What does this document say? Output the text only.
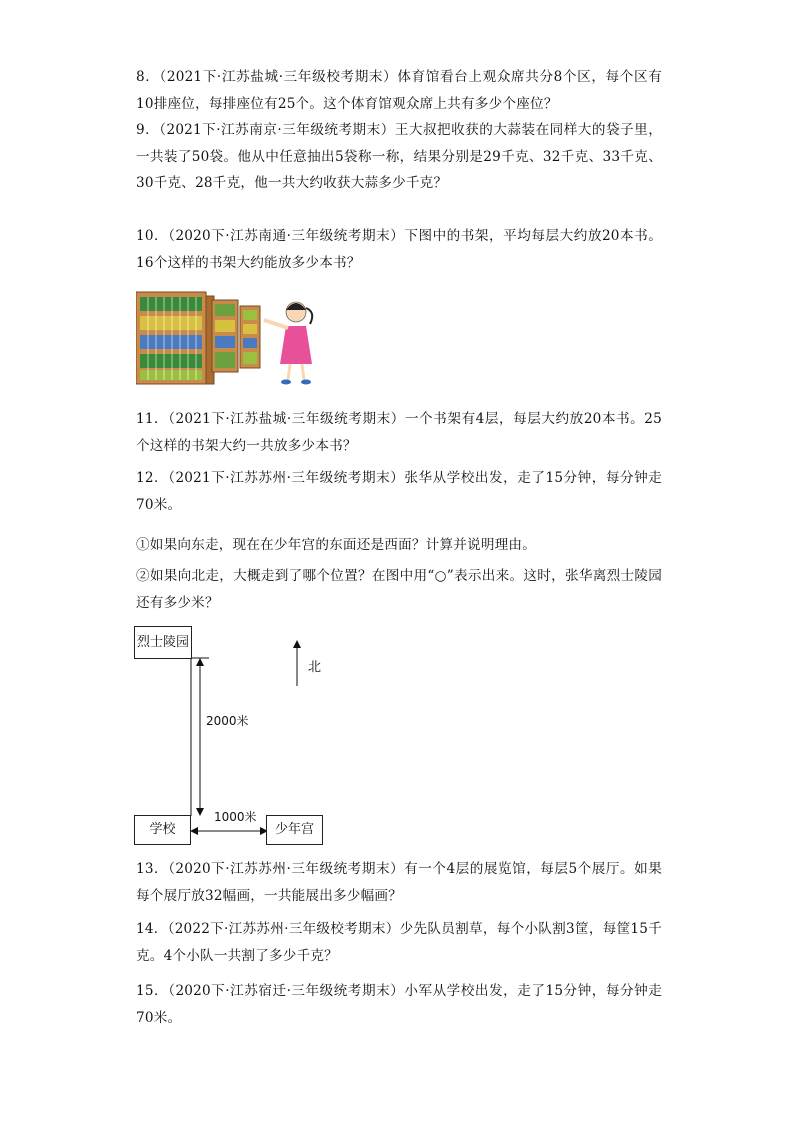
8．（2021下·江苏盐城·三年级校考期末）体育馆看台上观众席共分8个区，每个区有10排座位，每排座位有25个。这个体育馆观众席上共有多少个座位？
9．（2021下·江苏南京·三年级统考期末）王大叔把收获的大蒜装在同样大的袋子里，一共装了50袋。他从中任意抽出5袋称一称，结果分别是29千克、32千克、33千克、30千克、28千克，他一共大约收获大蒜多少千克？
10．（2020下·江苏南通·三年级统考期末）下图中的书架，平均每层大约放20本书。16个这样的书架大约能放多少本书？
11．（2021下·江苏盐城·三年级统考期末）一个书架有4层，每层大约放20本书。25个这样的书架大约一共放多少本书？
12．（2021下·江苏苏州·三年级统考期末）张华从学校出发，走了15分钟，每分钟走70米。
①如果向东走，现在在少年宫的东面还是西面？计算并说明理由。
②如果向北走，大概走到了哪个位置？在图中用“○”表示出来。这时，张华离烈士陵园还有多少米？
烈士陵园
北
2000米
1000米
学校	少年宫
13．（2020下·江苏苏州·三年级统考期末）有一个4层的展览馆，每层5个展厅。如果每个展厅放32幅画，一共能展出多少幅画？
14．（2022下·江苏苏州·三年级校考期末）少先队员割草，每个小队割3筐，每筐15千克。4个小队一共割了多少千克？
15．（2020下·江苏宿迁·三年级统考期末）小军从学校出发，走了15分钟，每分钟走70米。
